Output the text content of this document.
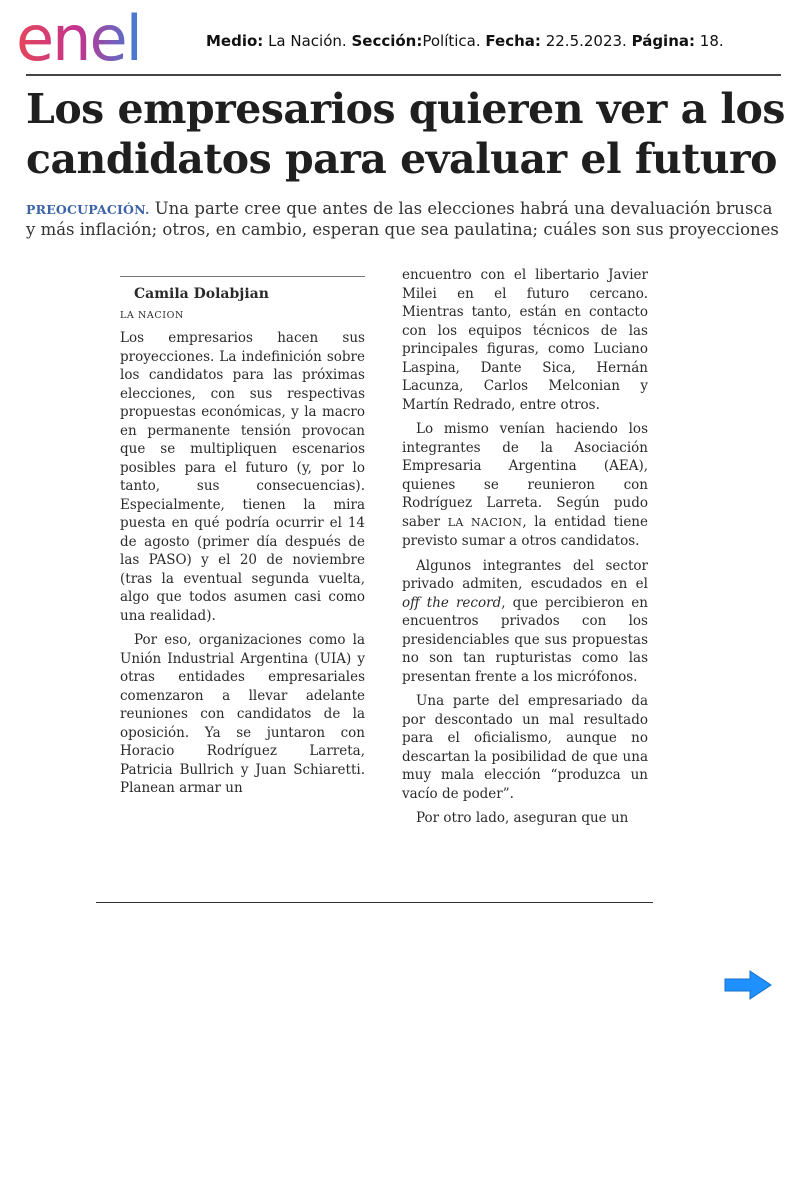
enel	Medio: La Nación. Sección:Política. Fecha: 22.5.2023. Página: 18.
Los empresarios quieren ver a los candidatos para evaluar el futuro

PREOCUPACIÓN. Una parte cree que antes de las elecciones habrá una devaluación brusca y más inflación; otros, en cambio, esperan que sea paulatina; cuáles son sus proyecciones

Camila Dolabjian

LA NACION

Los empresarios hacen sus proyecciones. La indefinición sobre los candidatos para las próximas elecciones, con sus respectivas propuestas económicas, y la macro en permanente tensión provocan que se multipliquen escenarios posibles para el futuro (y, por lo tanto, sus consecuencias). Especialmente, tienen la mira puesta en qué podría ocurrir el 14 de agosto (primer día después de las PASO) y el 20 de noviembre (tras la eventual segunda vuelta, algo que todos asumen casi como una realidad).

Por eso, organizaciones como la Unión Industrial Argentina (UIA) y otras entidades empresariales comenzaron a llevar adelante reuniones con candidatos de la oposición. Ya se juntaron con Horacio Rodríguez Larreta, Patricia Bullrich y Juan Schiaretti. Planean armar un

encuentro con el libertario Javier Milei en el futuro cercano. Mientras tanto, están en contacto con los equipos técnicos de las principales figuras, como Luciano Laspina, Dante Sica, Hernán Lacunza, Carlos Melconian y Martín Redrado, entre otros.

Lo mismo venían haciendo los integrantes de la Asociación Empresaria Argentina (AEA), quienes se reunieron con Rodríguez Larreta. Según pudo saber LA NACION, la entidad tiene previsto sumar a otros candidatos.

Algunos integrantes del sector privado admiten, escudados en el off the record, que percibieron en encuentros privados con los presidenciables que sus propuestas no son tan rupturistas como las presentan frente a los micrófonos.

Una parte del empresariado da por descontado un mal resultado para el oficialismo, aunque no descartan la posibilidad de que una muy mala elección “produzca un vacío de poder”.

Por otro lado, aseguran que un
